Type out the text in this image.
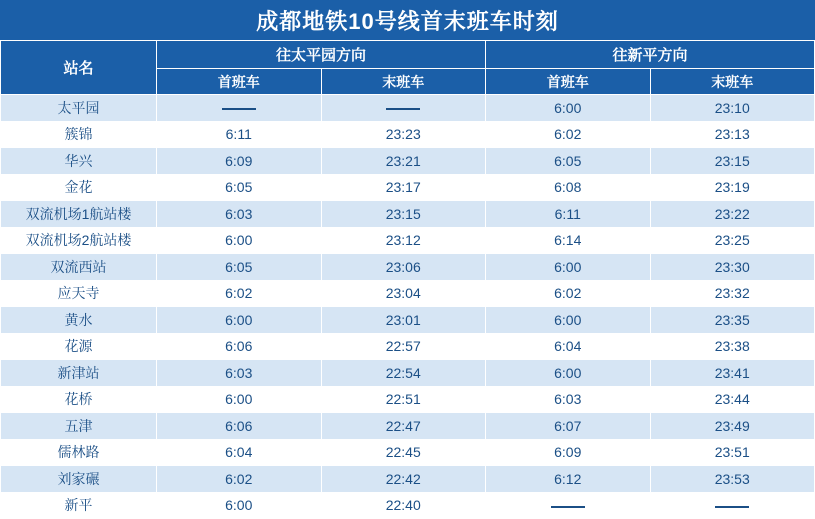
成都地铁10号线首末班车时刻
站名	往太平园方向		往新平方向	
	首班车	末班车	首班车	末班车
太平园			6:00	23:10
簇锦	6:11	23:23	6:02	23:13
华兴	6:09	23:21	6:05	23:15
金花	6:05	23:17	6:08	23:19
双流机场1航站楼	6:03	23:15	6:11	23:22
双流机场2航站楼	6:00	23:12	6:14	23:25
双流西站	6:05	23:06	6:00	23:30
应天寺	6:02	23:04	6:02	23:32
黄水	6:00	23:01	6:00	23:35
花源	6:06	22:57	6:04	23:38
新津站	6:03	22:54	6:00	23:41
花桥	6:00	22:51	6:03	23:44
五津	6:06	22:47	6:07	23:49
儒林路	6:04	22:45	6:09	23:51
刘家碾	6:02	22:42	6:12	23:53
新平	6:00	22:40		
